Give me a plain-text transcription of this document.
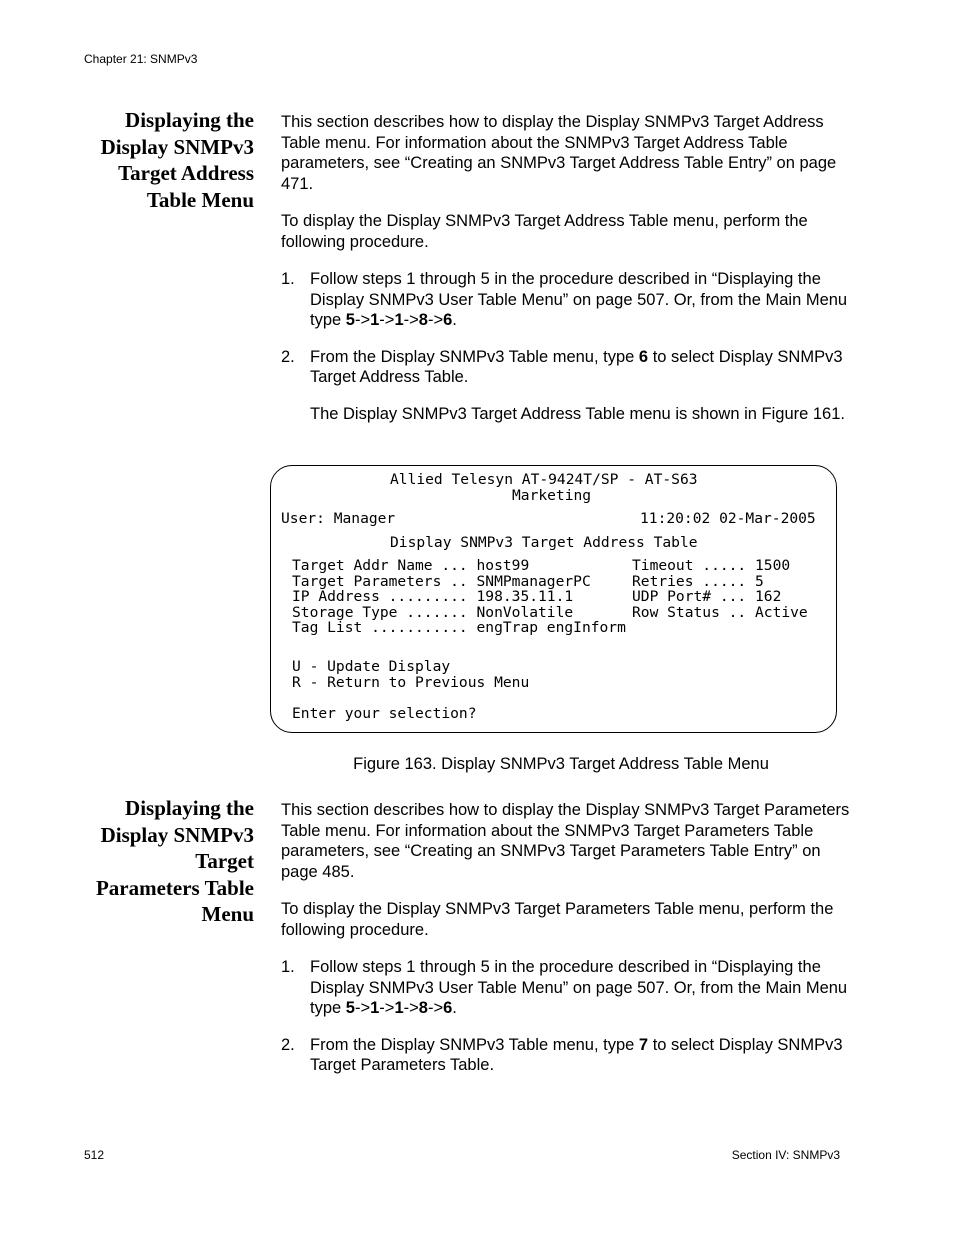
Chapter 21: SNMPv3
Displaying the
Display SNMPv3
Target Address
Table Menu

This section describes how to display the Display SNMPv3 Target Address Table menu. For information about the SNMPv3 Target Address Table parameters, see “Creating an SNMPv3 Target Address Table Entry” on page 471.

To display the Display SNMPv3 Target Address Table menu, perform the following procedure.

1. Follow steps 1 through 5 in the procedure described in “Displaying the Display SNMPv3 User Table Menu” on page 507. Or, from the Main Menu type 5->1->1->8->6.
2. From the Display SNMPv3 Table menu, type 6 to select Display SNMPv3 Target Address Table.

The Display SNMPv3 Target Address Table menu is shown in Figure 161.

Allied Telesyn AT-9424T/SP - AT-S63
Marketing
User: Manager	11:20:02 02-Mar-2005
Display SNMPv3 Target Address Table
Target Addr Name ... host99
Target Parameters .. SNMPmanagerPC
IP Address ......... 198.35.11.1
Storage Type ....... NonVolatile
Tag List ........... engTrap engInform
Timeout ..... 1500
Retries ..... 5
UDP Port# ... 162
Row Status .. Active
U - Update Display
R - Return to Previous Menu
Enter your selection?
Figure 163. Display SNMPv3 Target Address Table Menu
Displaying the
Display SNMPv3
Target
Parameters Table
Menu

This section describes how to display the Display SNMPv3 Target Parameters Table menu. For information about the SNMPv3 Target Parameters Table parameters, see “Creating an SNMPv3 Target Parameters Table Entry” on page 485.

To display the Display SNMPv3 Target Parameters Table menu, perform the following procedure.

1. Follow steps 1 through 5 in the procedure described in “Displaying the Display SNMPv3 User Table Menu” on page 507. Or, from the Main Menu type 5->1->1->8->6.
2. From the Display SNMPv3 Table menu, type 7 to select Display SNMPv3 Target Parameters Table.
512	Section IV: SNMPv3
